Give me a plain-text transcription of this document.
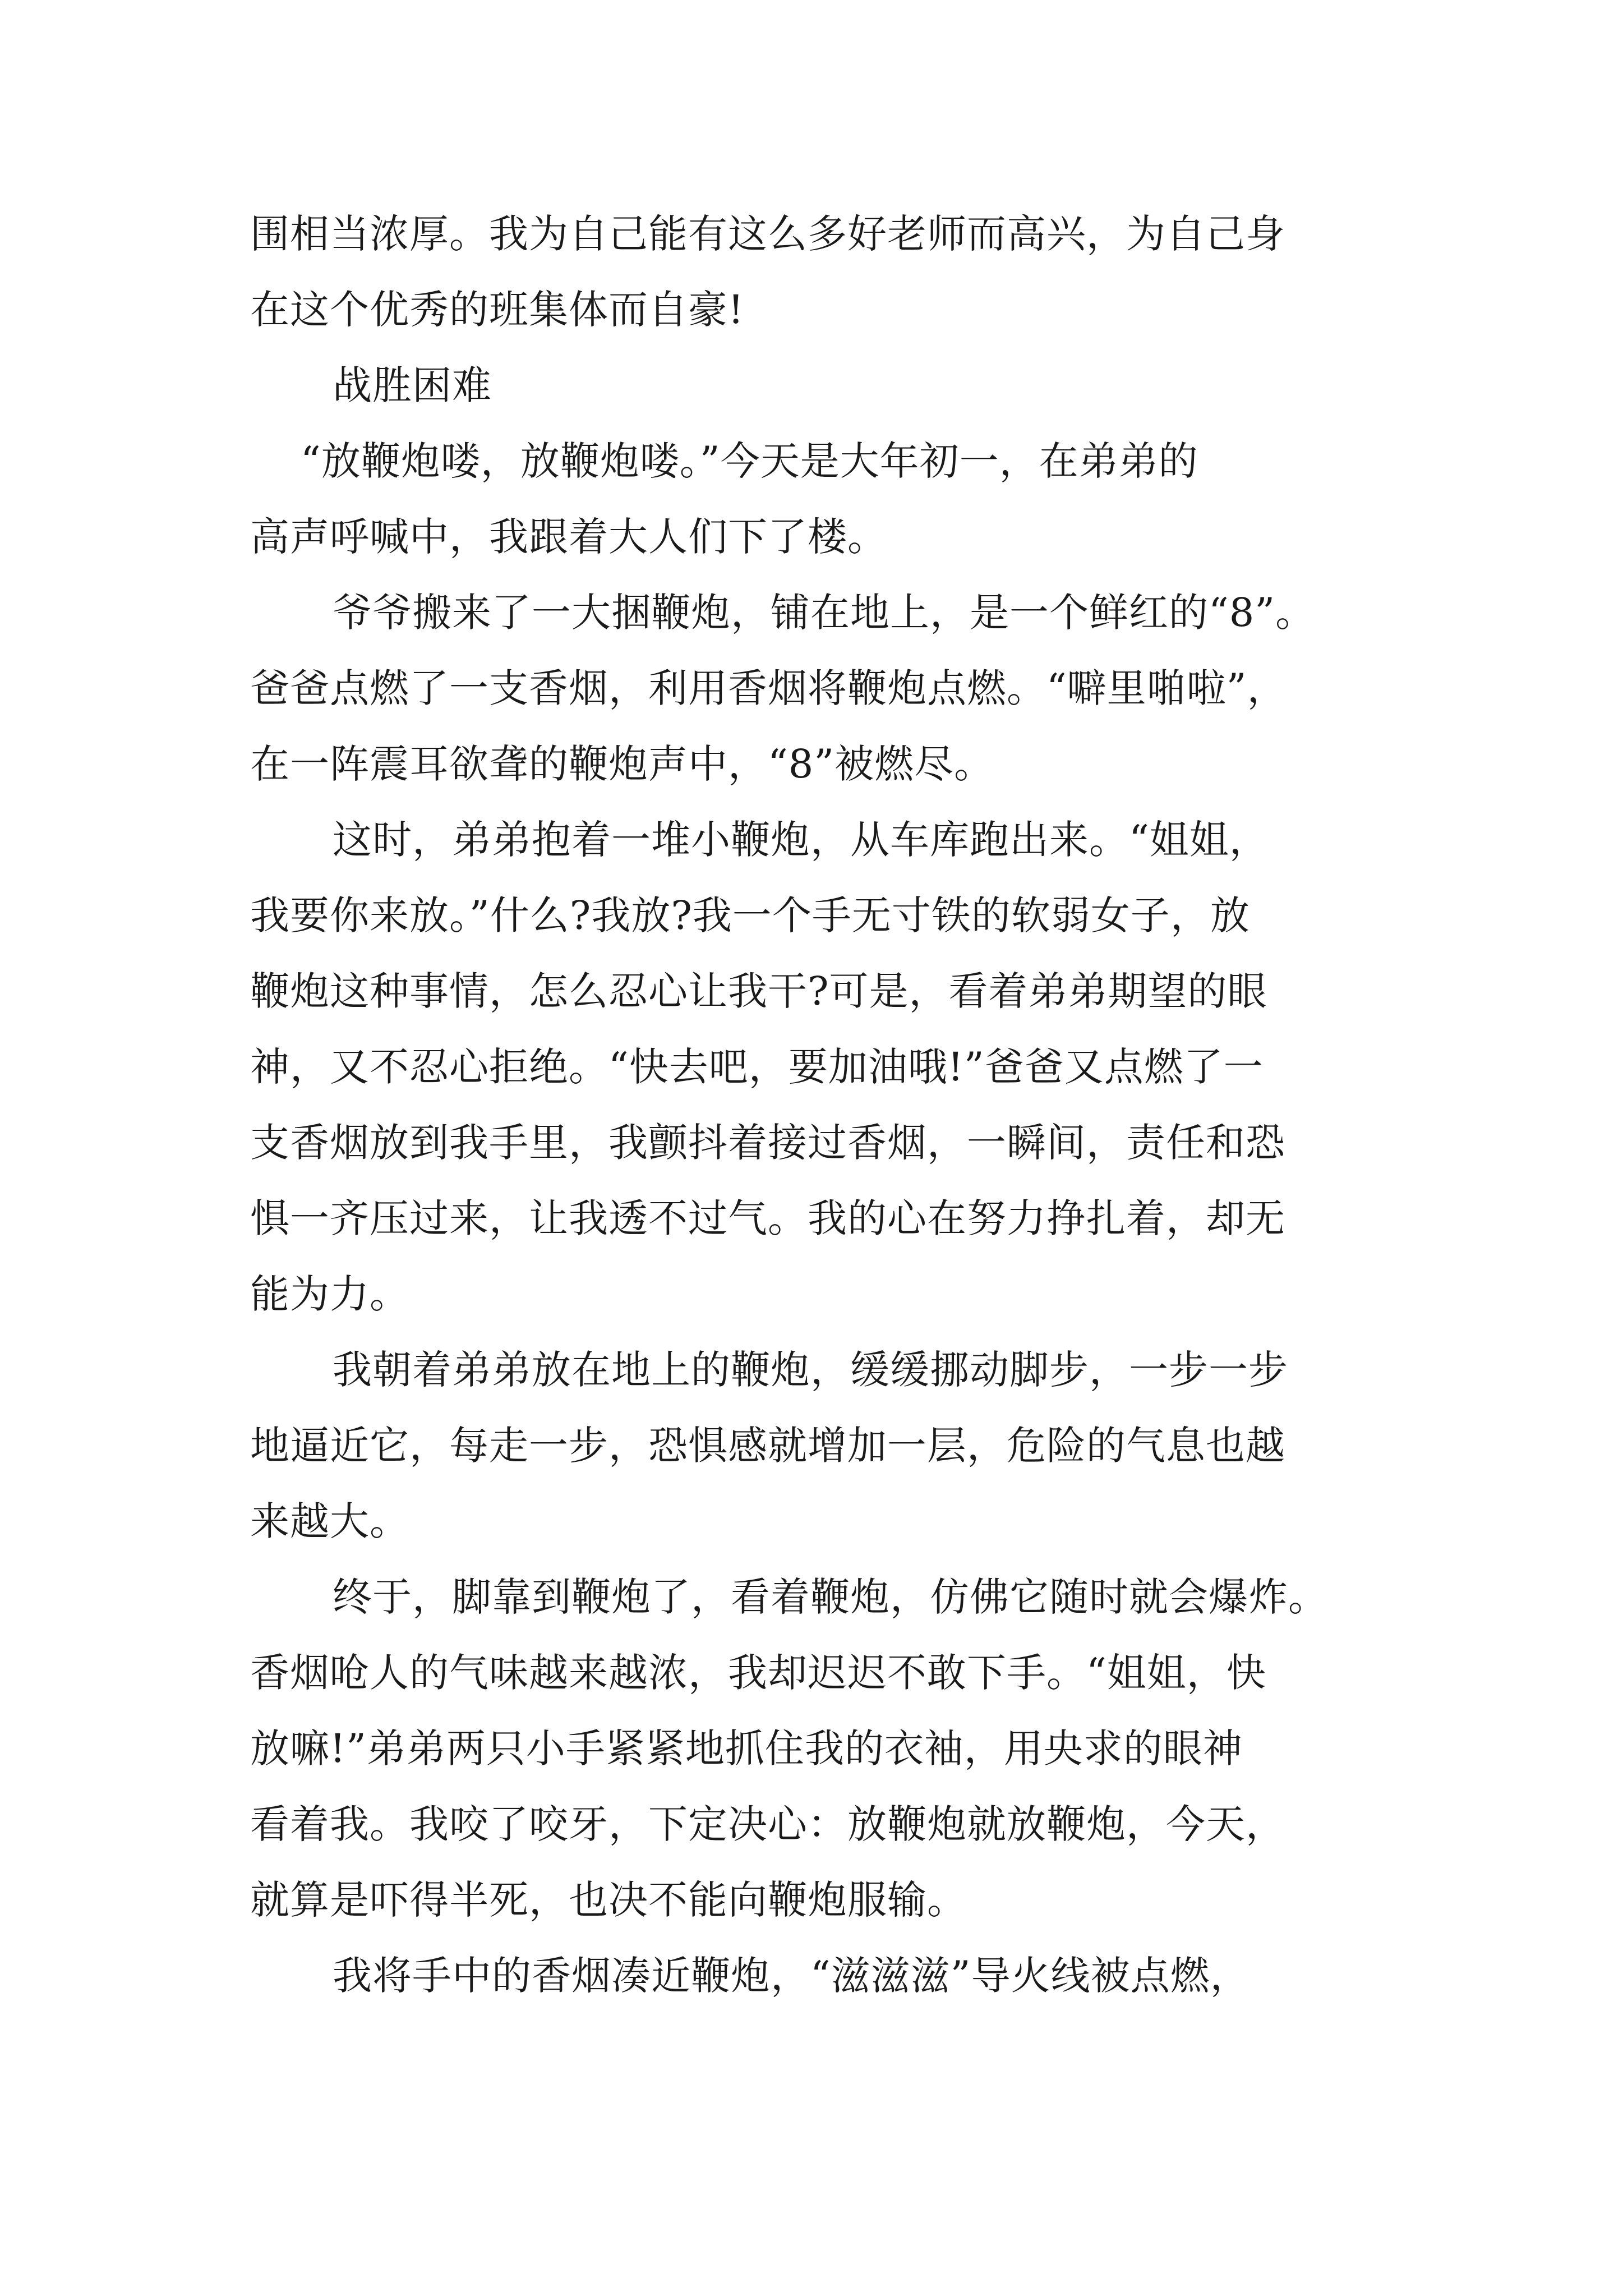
围相当浓厚。我为自己能有这么多好老师而高兴，为自己身
在这个优秀的班集体而自豪!
战胜困难
“放鞭炮喽，放鞭炮喽。”今天是大年初一，在弟弟的
高声呼喊中，我跟着大人们下了楼。
爷爷搬来了一大捆鞭炮，铺在地上，是一个鲜红的“8”。
爸爸点燃了一支香烟，利用香烟将鞭炮点燃。“噼里啪啦”，
在一阵震耳欲聋的鞭炮声中，“8”被燃尽。
这时，弟弟抱着一堆小鞭炮，从车库跑出来。“姐姐，
我要你来放。”什么?我放?我一个手无寸铁的软弱女子，放
鞭炮这种事情，怎么忍心让我干?可是，看着弟弟期望的眼
神，又不忍心拒绝。“快去吧，要加油哦!”爸爸又点燃了一
支香烟放到我手里，我颤抖着接过香烟，一瞬间，责任和恐
惧一齐压过来，让我透不过气。我的心在努力挣扎着，却无
能为力。
我朝着弟弟放在地上的鞭炮，缓缓挪动脚步，一步一步
地逼近它，每走一步，恐惧感就增加一层，危险的气息也越
来越大。
终于，脚靠到鞭炮了，看着鞭炮，仿佛它随时就会爆炸。
香烟呛人的气味越来越浓，我却迟迟不敢下手。“姐姐，快
放嘛!”弟弟两只小手紧紧地抓住我的衣袖，用央求的眼神
看着我。我咬了咬牙，下定决心：放鞭炮就放鞭炮，今天，
就算是吓得半死，也决不能向鞭炮服输。
我将手中的香烟凑近鞭炮，“滋滋滋”导火线被点燃，
